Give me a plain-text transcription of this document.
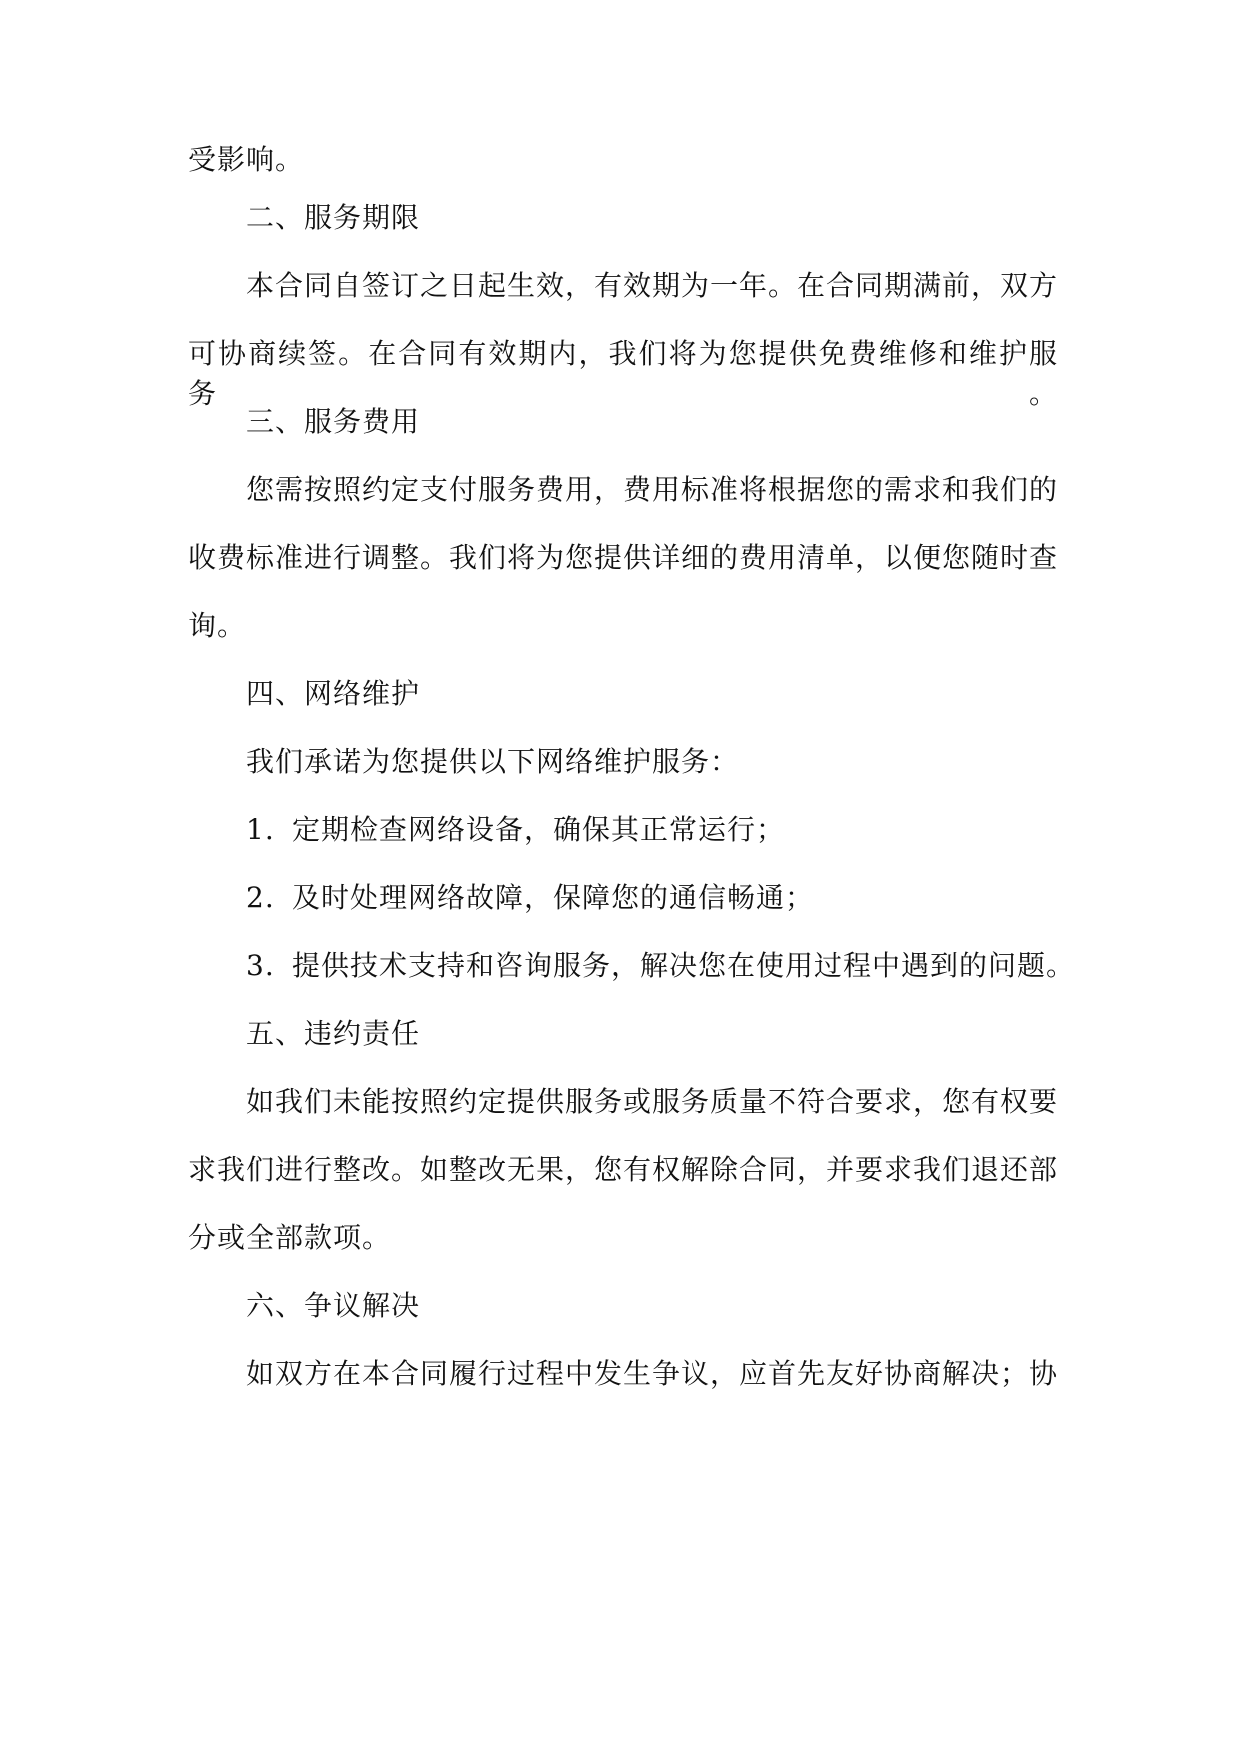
受影响。
二、服务期限
本合同自签订之日起生效，有效期为一年。在合同期满前，双方
可协商续签。在合同有效期内，我们将为您提供免费维修和维护服务。
三、服务费用
您需按照约定支付服务费用，费用标准将根据您的需求和我们的
收费标准进行调整。我们将为您提供详细的费用清单，以便您随时查
询。
四、网络维护
我们承诺为您提供以下网络维护服务：
1. 定期检查网络设备，确保其正常运行；
2. 及时处理网络故障，保障您的通信畅通；
3. 提供技术支持和咨询服务，解决您在使用过程中遇到的问题。
五、违约责任
如我们未能按照约定提供服务或服务质量不符合要求，您有权要
求我们进行整改。如整改无果，您有权解除合同，并要求我们退还部
分或全部款项。
六、争议解决
如双方在本合同履行过程中发生争议，应首先友好协商解决；协
